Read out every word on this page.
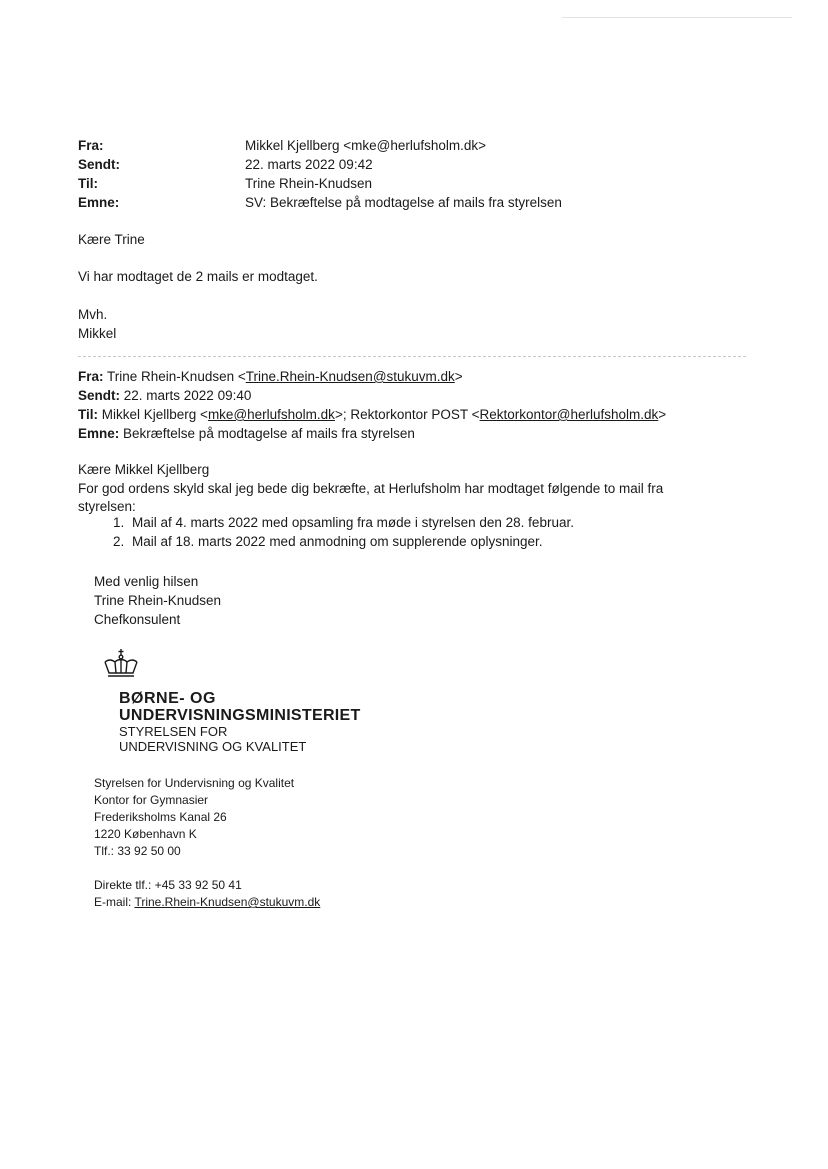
Fra:	Mikkel Kjellberg <mke@herlufsholm.dk>
Sendt:	22. marts 2022 09:42
Til:	Trine Rhein-Knudsen
Emne:	SV: Bekræftelse på modtagelse af mails fra styrelsen
Kære Trine
Vi har modtaget de 2 mails er modtaget.
Mvh.
Mikkel
Fra: Trine Rhein-Knudsen <Trine.Rhein-Knudsen@stukuvm.dk>
Sendt: 22. marts 2022 09:40
Til: Mikkel Kjellberg <mke@herlufsholm.dk>; Rektorkontor POST <Rektorkontor@herlufsholm.dk>
Emne: Bekræftelse på modtagelse af mails fra styrelsen
Kære Mikkel Kjellberg
For god ordens skyld skal jeg bede dig bekræfte, at Herlufsholm har modtaget følgende to mail fra
styrelsen:
1. Mail af 4. marts 2022 med opsamling fra møde i styrelsen den 28. februar.
2. Mail af 18. marts 2022 med anmodning om supplerende oplysninger.
Med venlig hilsen
Trine Rhein-Knudsen
Chefkonsulent
BØRNE- OG
UNDERVISNINGSMINISTERIET
STYRELSEN FOR
UNDERVISNING OG KVALITET
Styrelsen for Undervisning og Kvalitet
Kontor for Gymnasier
Frederiksholms Kanal 26
1220 København K
Tlf.: 33 92 50 00
Direkte tlf.: +45 33 92 50 41
E-mail: Trine.Rhein-Knudsen@stukuvm.dk
